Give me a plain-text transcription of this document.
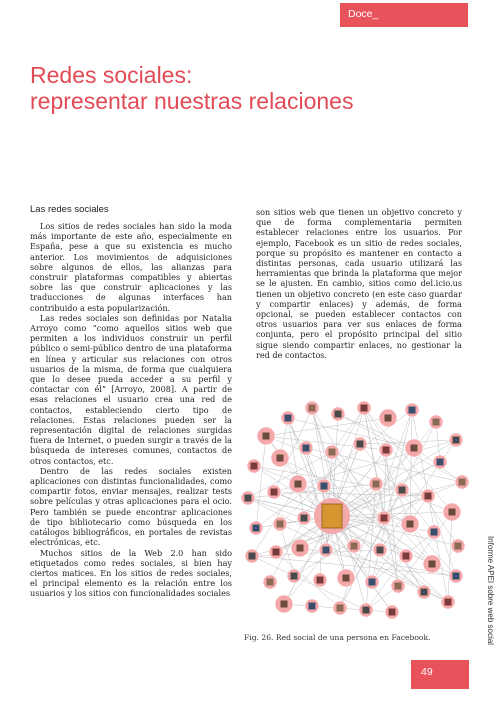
Doce_
Redes sociales:
representar nuestras relaciones
Las redes sociales

Los sitios de redes sociales han sido la moda más importante de este año, especialmente en España, pese a que su existencia es mucho anterior. Los movimientos de adquisiciones sobre algunos de ellos, las alianzas para construir plataformas compatibles y abiertas sobre las que construir aplicaciones y las traducciones de algunas interfaces han contribuido a esta popularización.

Las redes sociales son definidas por Natalia Arroyo como “como aquellos sitios web que permiten a los individuos construir un perfil público o semi-público dentro de una plataforma en línea y articular sus relaciones con otros usuarios de la misma, de forma que cualquiera que lo desee pueda acceder a su perfil y contactar con él” [Arroyo, 2008]. A partir de esas relaciones el usuario crea una red de contactos, estableciendo cierto tipo de relaciones. Estas relaciones pueden ser la representación digital de relaciones surgidas fuera de Internet, o pueden surgir a través de la búsqueda de intereses comunes, contactos de otros contactos, etc.

Dentro de las redes sociales existen aplicaciones con distintas funcionalidades, como compartir fotos, enviar mensajes, realizar tests sobre películas y otras aplicaciones para el ocio. Pero también se puede encontrar aplicaciones de tipo bibliotecario como búsqueda en los catálogos bibliográficos, en portales de revistas electrónicas, etc.

Muchos sitios de la Web 2.0 han sido etiquetados como redes sociales, si bien hay ciertos matices. En los sitios de redes sociales, el principal elemento es la relación entre los usuarios y los sitios con funcionalidades sociales

son sitios web que tienen un objetivo concreto y que de forma complementaria permiten establecer relaciones entre los usuarios. Por ejemplo, Facebook es un sitio de redes sociales, porque su propósito es mantener en contacto a distintas personas, cada usuario utilizará las herramientas que brinda la plataforma que mejor se le ajusten. En cambio, sitios como del.icio.us tienen un objetivo concreto (en este caso guardar y compartir enlaces) y además, de forma opcional, se pueden establecer contactos con otros usuarios para ver sus enlaces de forma conjunta, pero el propósito principal del sitio sigue siendo compartir enlaces, no gestionar la red de contactos.

Fig. 26. Red social de una persona en Facebook.	Informe APEI sobre web social
49
